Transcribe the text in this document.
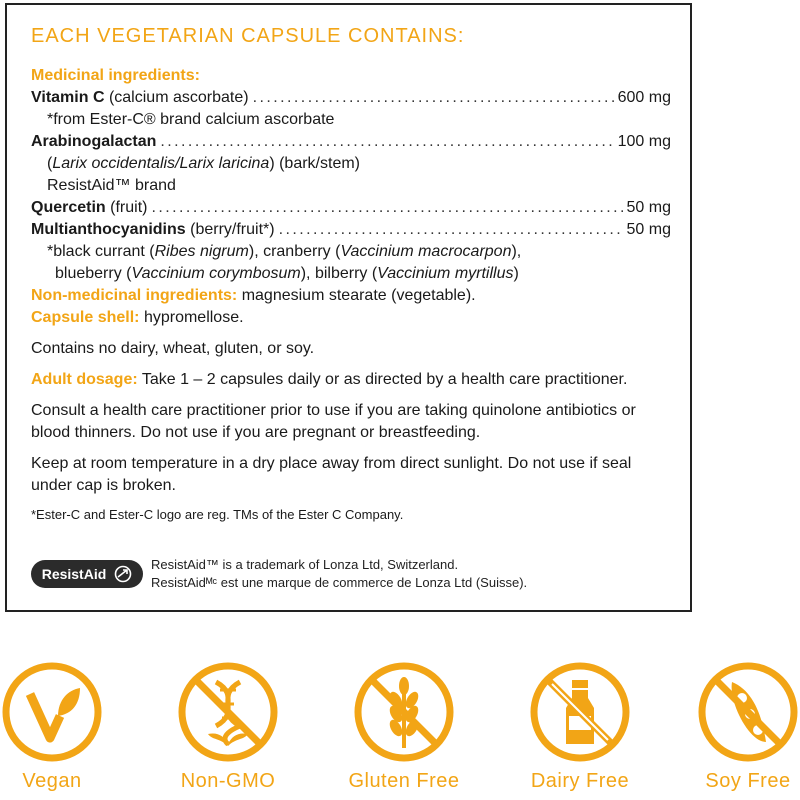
EACH VEGETARIAN CAPSULE CONTAINS:
Medicinal ingredients:
Vitamin C (calcium ascorbate) . . .	600 mg
*from Ester-C® brand calcium ascorbate
Arabinogalactan . . .	100 mg
(Larix occidentalis/Larix laricina) (bark/stem)
ResistAid™ brand
Quercetin (fruit) . . .	50 mg
Multianthocyanidins (berry/fruit*) . . .	50 mg
*black currant (Ribes nigrum), cranberry (Vaccinium macrocarpon),
blueberry (Vaccinium corymbosum), bilberry (Vaccinium myrtillus)
Non-medicinal ingredients: magnesium stearate (vegetable).
Capsule shell: hypromellose.
Contains no dairy, wheat, gluten, or soy.
Adult dosage: Take 1 – 2 capsules daily or as directed by a health care practitioner.
Consult a health care practitioner prior to use if you are taking quinolone antibiotics or blood thinners. Do not use if you are pregnant or breastfeeding.
Keep at room temperature in a dry place away from direct sunlight. Do not use if seal under cap is broken.
*Ester-C and Ester-C logo are reg. TMs of the Ester C Company.
ResistAid
ResistAid™ is a trademark of Lonza Ltd, Switzerland.
ResistAidᴹᶜ est une marque de commerce de Lonza Ltd (Suisse).
Vegan	Non-GMO	Gluten Free	Dairy Free	Soy Free
